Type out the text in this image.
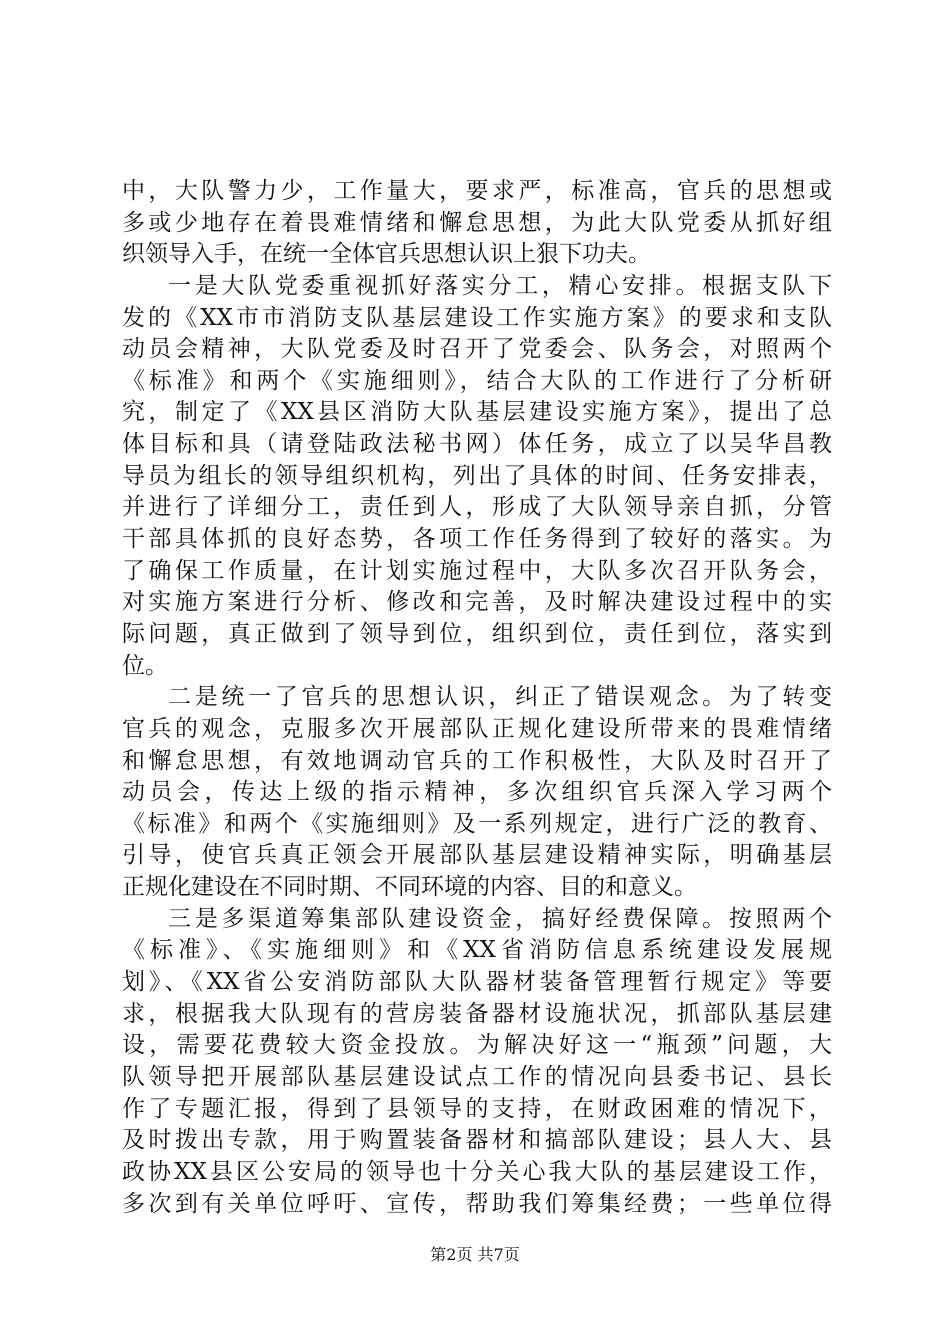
中，大队警力少，工作量大，要求严，标准高，官兵的思想或
多或少地存在着畏难情绪和懈怠思想，为此大队党委从抓好组
织领导入手，在统一全体官兵思想认识上狠下功夫。
一是大队党委重视抓好落实分工，精心安排。根据支队下
发的《XX市市消防支队基层建设工作实施方案》的要求和支队
动员会精神，大队党委及时召开了党委会、队务会，对照两个
《标准》和两个《实施细则》，结合大队的工作进行了分析研
究，制定了《XX县区消防大队基层建设实施方案》，提出了总
体目标和具（请登陆政法秘书网）体任务，成立了以吴华昌教
导员为组长的领导组织机构，列出了具体的时间、任务安排表，
并进行了详细分工，责任到人，形成了大队领导亲自抓，分管
干部具体抓的良好态势，各项工作任务得到了较好的落实。为
了确保工作质量，在计划实施过程中，大队多次召开队务会，
对实施方案进行分析、修改和完善，及时解决建设过程中的实
际问题，真正做到了领导到位，组织到位，责任到位，落实到
位。
二是统一了官兵的思想认识，纠正了错误观念。为了转变
官兵的观念，克服多次开展部队正规化建设所带来的畏难情绪
和懈怠思想，有效地调动官兵的工作积极性，大队及时召开了
动员会，传达上级的指示精神，多次组织官兵深入学习两个
《标准》和两个《实施细则》及一系列规定，进行广泛的教育、
引导，使官兵真正领会开展部队基层建设精神实际，明确基层
正规化建设在不同时期、不同环境的内容、目的和意义。
三是多渠道筹集部队建设资金，搞好经费保障。按照两个
《标准》、《实施细则》和《XX省消防信息系统建设发展规
划》、《XX省公安消防部队大队器材装备管理暂行规定》等要
求，根据我大队现有的营房装备器材设施状况，抓部队基层建
设，需要花费较大资金投放。为解决好这一“瓶颈”问题，大
队领导把开展部队基层建设试点工作的情况向县委书记、县长
作了专题汇报，得到了县领导的支持，在财政困难的情况下，
及时拨出专款，用于购置装备器材和搞部队建设；县人大、县
政协XX县区公安局的领导也十分关心我大队的基层建设工作，
多次到有关单位呼吁、宣传，帮助我们筹集经费；一些单位得
第2页 共7页
